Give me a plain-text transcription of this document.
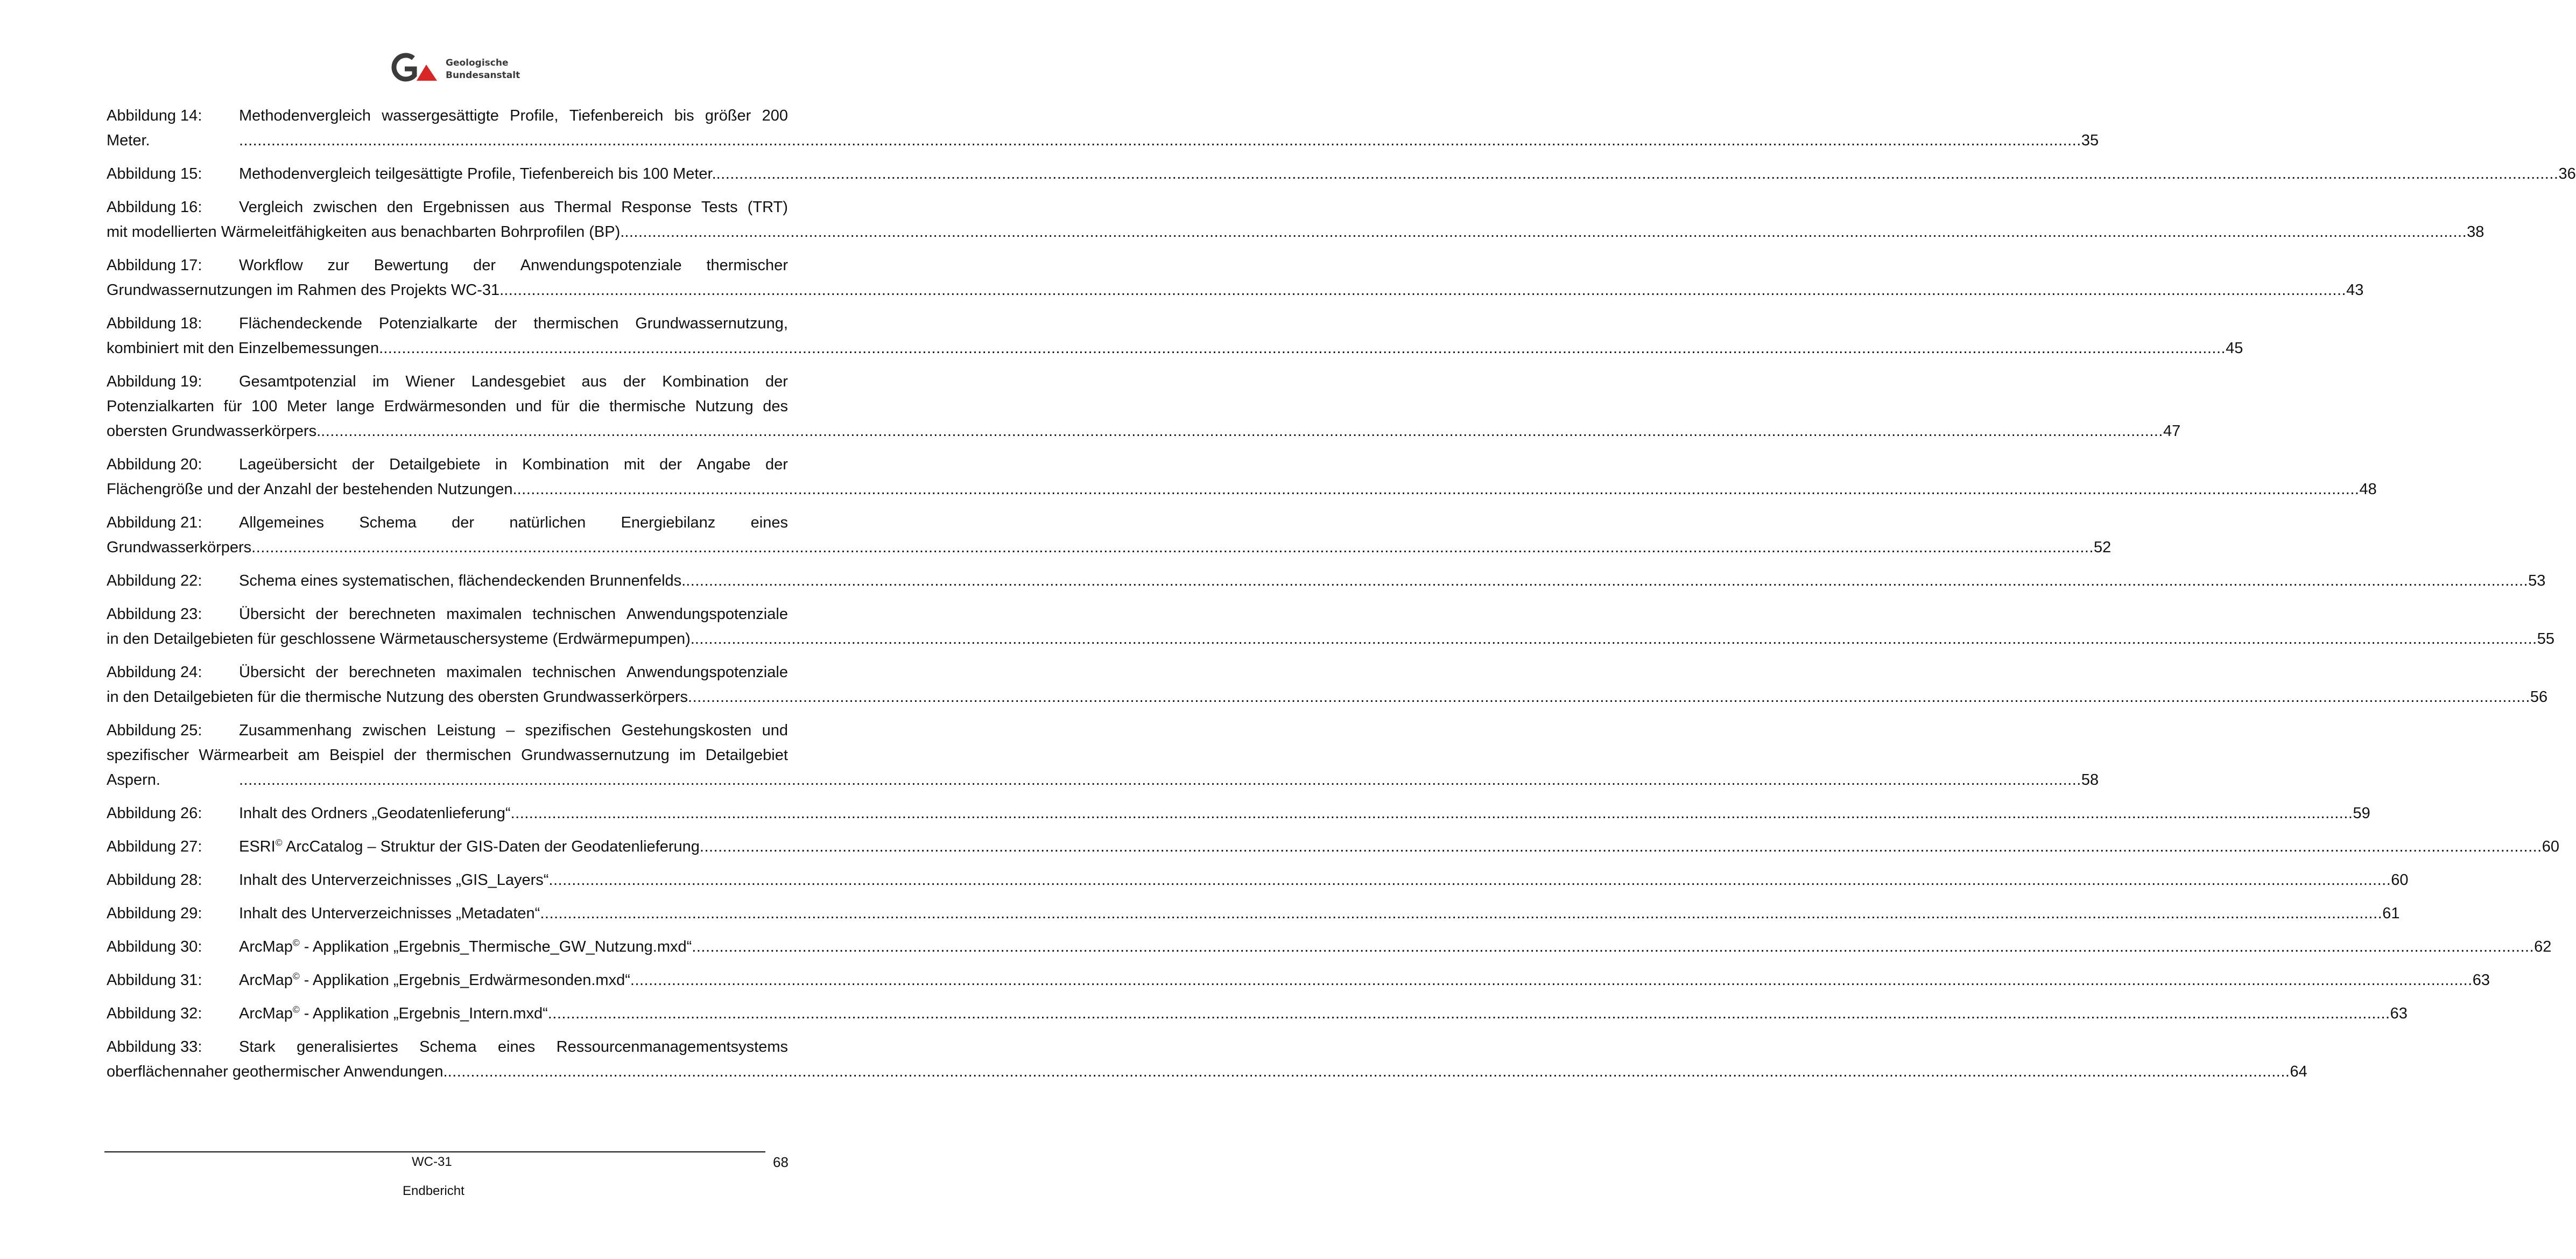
Geologische
Bundesanstalt
Abbildung 14:	Methodenvergleich wassergesättigte Profile, Tiefenbereich bis größer 200
Meter.	................................................................................................................................................................................................................................................................................................................................................................................................................ 35
Abbildung 15:	Methodenvergleich teilgesättigte Profile, Tiefenbereich bis 100 Meter. ................................................................................................................................................................................................................................................................................................................................................................................................................ 36
Abbildung 16:	Vergleich zwischen den Ergebnissen aus Thermal Response Tests (TRT)
mit modellierten Wärmeleitfähigkeiten aus benachbarten Bohrprofilen (BP). ................................................................................................................................................................................................................................................................................................................................................................................................................ 38
Abbildung 17:	Workflow zur Bewertung der Anwendungspotenziale thermischer
Grundwassernutzungen im Rahmen des Projekts WC-31. ................................................................................................................................................................................................................................................................................................................................................................................................................ 43
Abbildung 18:	Flächendeckende Potenzialkarte der thermischen Grundwassernutzung,
kombiniert mit den Einzelbemessungen. ................................................................................................................................................................................................................................................................................................................................................................................................................ 45
Abbildung 19:	Gesamtpotenzial im Wiener Landesgebiet aus der Kombination der
Potenzialkarten für 100 Meter lange Erdwärmesonden und für die thermische Nutzung des
obersten Grundwasserkörpers. ................................................................................................................................................................................................................................................................................................................................................................................................................ 47
Abbildung 20:	Lageübersicht der Detailgebiete in Kombination mit der Angabe der
Flächengröße und der Anzahl der bestehenden Nutzungen. ................................................................................................................................................................................................................................................................................................................................................................................................................ 48
Abbildung 21:	Allgemeines Schema der natürlichen Energiebilanz eines
Grundwasserkörpers ................................................................................................................................................................................................................................................................................................................................................................................................................ 52
Abbildung 22:	Schema eines systematischen, flächendeckenden Brunnenfelds. ................................................................................................................................................................................................................................................................................................................................................................................................................ 53
Abbildung 23:	Übersicht der berechneten maximalen technischen Anwendungspotenziale
in den Detailgebieten für geschlossene Wärmetauschersysteme (Erdwärmepumpen). ................................................................................................................................................................................................................................................................................................................................................................................................................ 55
Abbildung 24:	Übersicht der berechneten maximalen technischen Anwendungspotenziale
in den Detailgebieten für die thermische Nutzung des obersten Grundwasserkörpers ................................................................................................................................................................................................................................................................................................................................................................................................................ 56
Abbildung 25:	Zusammenhang zwischen Leistung – spezifischen Gestehungskosten und
spezifischer Wärmearbeit am Beispiel der thermischen Grundwassernutzung im Detailgebiet
Aspern.	................................................................................................................................................................................................................................................................................................................................................................................................................ 58
Abbildung 26:	Inhalt des Ordners „Geodatenlieferung“ ................................................................................................................................................................................................................................................................................................................................................................................................................ 59
Abbildung 27:	ESRI© ArcCatalog – Struktur der GIS-Daten der Geodatenlieferung ................................................................................................................................................................................................................................................................................................................................................................................................................ 60
Abbildung 28:	Inhalt des Unterverzeichnisses „GIS_Layers“ ................................................................................................................................................................................................................................................................................................................................................................................................................ 60
Abbildung 29:	Inhalt des Unterverzeichnisses „Metadaten“ ................................................................................................................................................................................................................................................................................................................................................................................................................ 61
Abbildung 30:	ArcMap© - Applikation „Ergebnis_Thermische_GW_Nutzung.mxd“ ................................................................................................................................................................................................................................................................................................................................................................................................................ 62
Abbildung 31:	ArcMap© - Applikation „Ergebnis_Erdwärmesonden.mxd“ ................................................................................................................................................................................................................................................................................................................................................................................................................ 63
Abbildung 32:	ArcMap© - Applikation „Ergebnis_Intern.mxd“ ................................................................................................................................................................................................................................................................................................................................................................................................................ 63
Abbildung 33:	Stark generalisiertes Schema eines Ressourcenmanagementsystems
oberflächennaher geothermischer Anwendungen. ................................................................................................................................................................................................................................................................................................................................................................................................................ 64
WC-31	68
Endbericht
